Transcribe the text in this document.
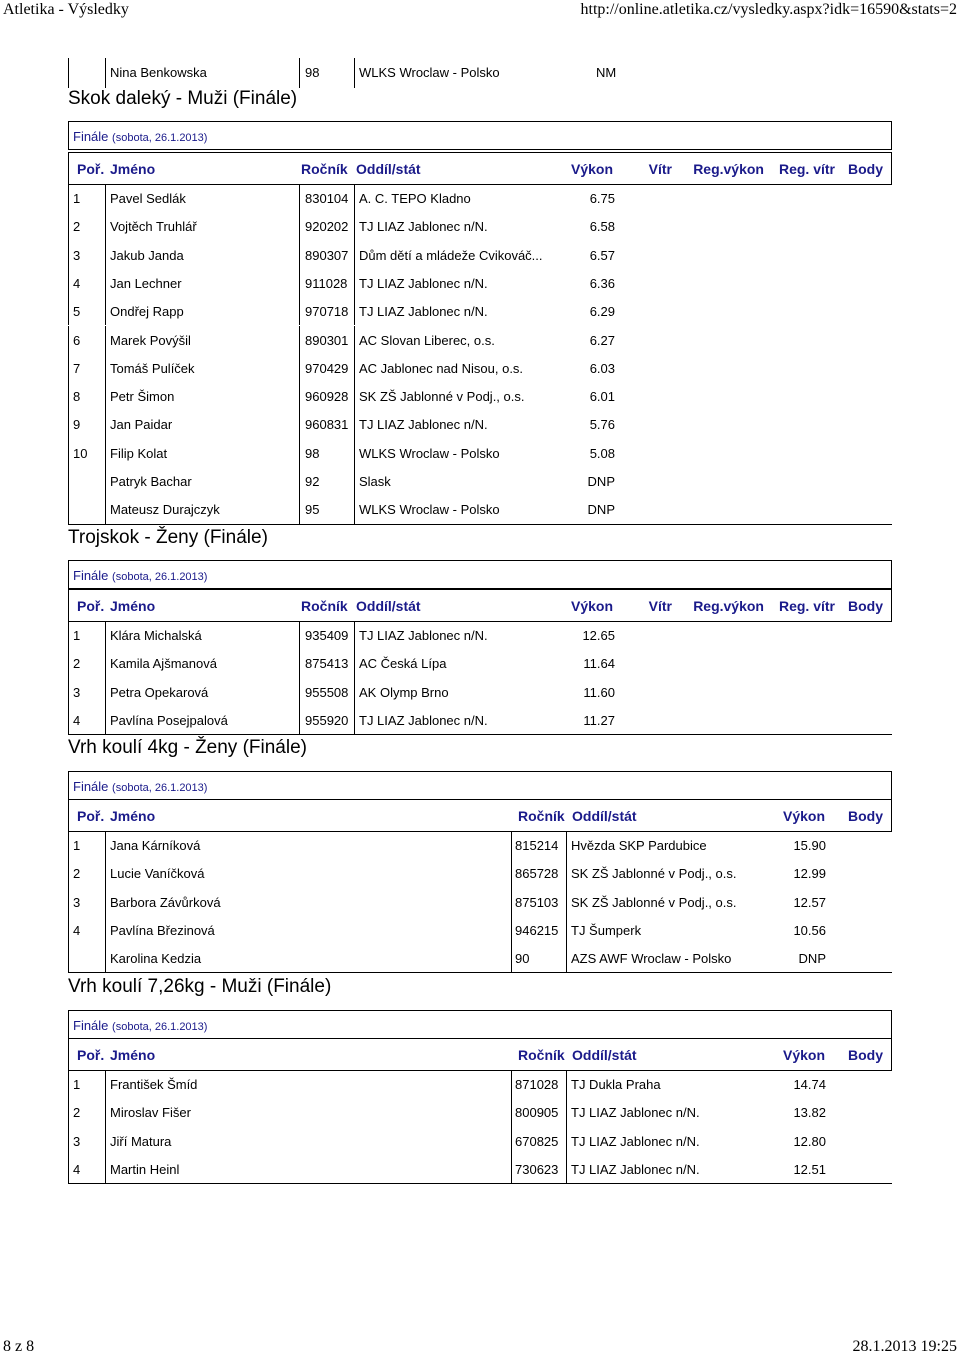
Atletika - Výsledky	http://online.atletika.cz/vysledky.aspx?idk=16590&stats=2
Nina Benkowska	98	WLKS Wroclaw - Polsko	NM
Skok daleký - Muži (Finále)
Finále (sobota, 26.1.2013)
Poř. Jméno	Ročník Oddíl/stát	Výkon	Vítr Reg.výkon Reg. vítr Body
1 Pavel Sedlák	830104 A. C. TEPO Kladno	6.75
2 Vojtěch Truhlář	920202 TJ LIAZ Jablonec n/N.	6.58
3 Jakub Janda	890307 Dům dětí a mládeže Cvikováč...	6.57
4 Jan Lechner	911028 TJ LIAZ Jablonec n/N.	6.36
5 Ondřej Rapp	970718 TJ LIAZ Jablonec n/N.	6.29
6 Marek Povýšil	890301 AC Slovan Liberec, o.s.	6.27
7 Tomáš Pulíček	970429 AC Jablonec nad Nisou, o.s.	6.03
8 Petr Šimon	960928 SK ZŠ Jablonné v Podj., o.s.	6.01
9 Jan Paidar	960831 TJ LIAZ Jablonec n/N.	5.76
10 Filip Kolat	98	WLKS Wroclaw - Polsko	5.08
Patryk Bachar	92	Slask	DNP
Mateusz Durajczyk	95	WLKS Wroclaw - Polsko	DNP
Trojskok - Ženy (Finále)
Finále (sobota, 26.1.2013)
Poř. Jméno	Ročník Oddíl/stát	Výkon	Vítr Reg.výkon Reg. vítr Body
1 Klára Michalská	935409 TJ LIAZ Jablonec n/N.	12.65
2 Kamila Ajšmanová	875413 AC Česká Lípa	11.64
3 Petra Opekarová	955508 AK Olymp Brno	11.60
4 Pavlína Posejpalová	955920 TJ LIAZ Jablonec n/N.	11.27
Vrh koulí 4kg - Ženy (Finále)
Finále (sobota, 26.1.2013)
Poř. Jméno	Ročník Oddíl/stát	Výkon Body
1 Jana Kárníková	815214 Hvězda SKP Pardubice	15.90
2 Lucie Vaníčková	865728 SK ZŠ Jablonné v Podj., o.s.	12.99
3 Barbora Závůrková	875103 SK ZŠ Jablonné v Podj., o.s.	12.57
4 Pavlína Březinová	946215 TJ Šumperk	10.56
Karolina Kedzia	90	AZS AWF Wroclaw - Polsko	DNP
Vrh koulí 7,26kg - Muži (Finále)
Finále (sobota, 26.1.2013)
Poř. Jméno	Ročník Oddíl/stát	Výkon Body
1 František Šmíd	871028 TJ Dukla Praha	14.74
2 Miroslav Fišer	800905 TJ LIAZ Jablonec n/N.	13.82
3 Jiří Matura	670825 TJ LIAZ Jablonec n/N.	12.80
4 Martin Heinl	730623 TJ LIAZ Jablonec n/N.	12.51
8 z 8	28.1.2013 19:25
